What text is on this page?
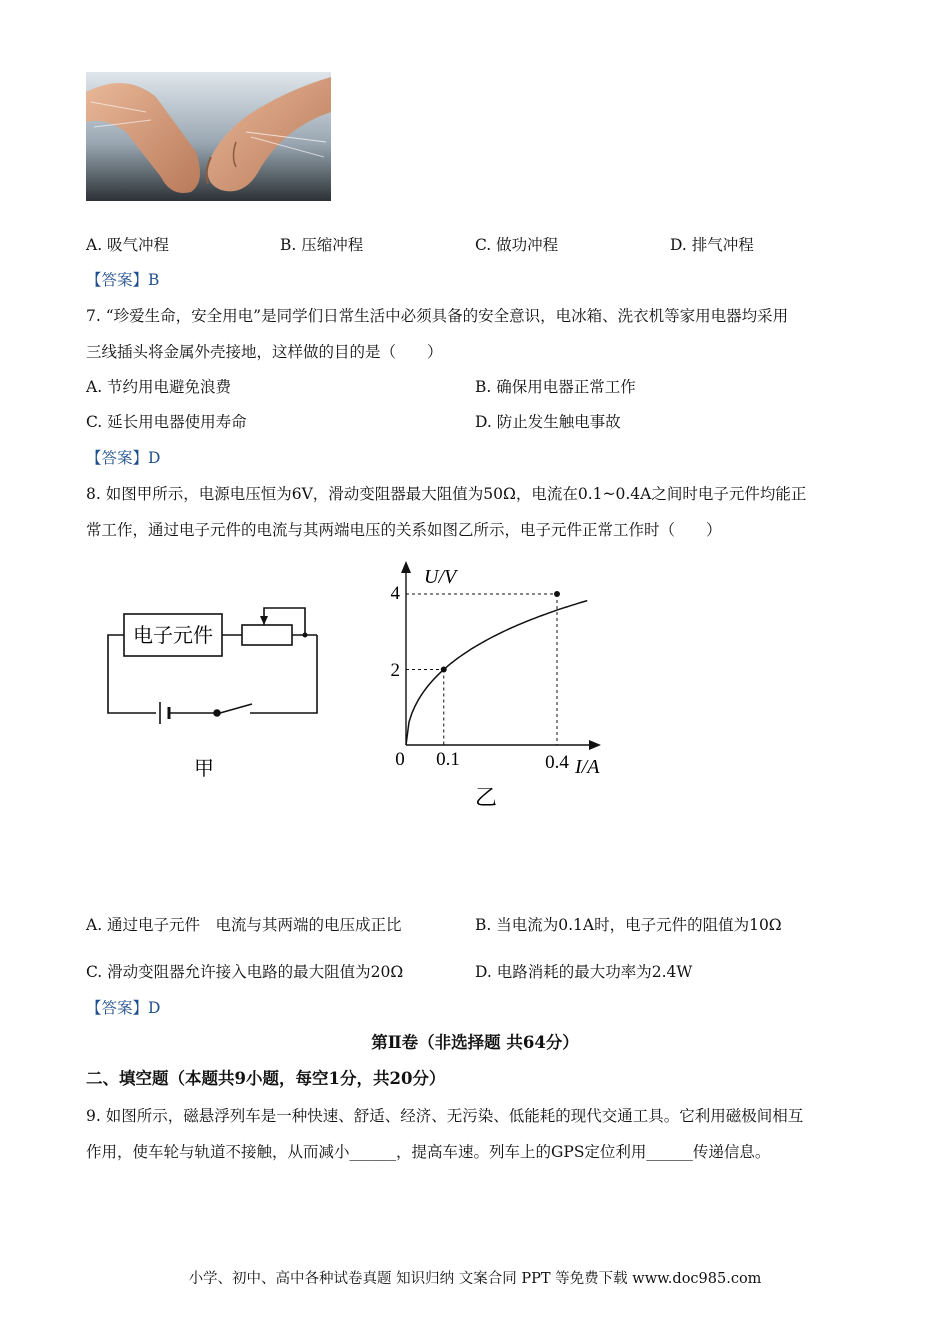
A. 吸气冲程	B. 压缩冲程	C. 做功冲程	D. 排气冲程
【答案】B
7. “珍爱生命，安全用电”是同学们日常生活中必须具备的安全意识，电冰箱、洗衣机等家用电器均采用
三线插头将金属外壳接地，这样做的目的是（　　）
A. 节约用电避免浪费	B. 确保用电器正常工作
C. 延长用电器使用寿命	D. 防止发生触电事故
【答案】D
8. 如图甲所示，电源电压恒为6V，滑动变阻器最大阻值为50Ω，电流在0.1~0.4A之间时电子元件均能正
常工作，通过电子元件的电流与其两端电压的关系如图乙所示，电子元件正常工作时（　　）
电子元件
甲
U/V
I/A
0
4
2
0.1	0.4
乙
A. 通过电子元件　电流与其两端的电压成正比	B. 当电流为0.1A时，电子元件的阻值为10Ω
C. 滑动变阻器允许接入电路的最大阻值为20Ω	D. 电路消耗的最大功率为2.4W
【答案】D
第Ⅱ卷（非选择题 共64分）
二、填空题（本题共9小题，每空1分，共20分）
9. 如图所示，磁悬浮列车是一种快速、舒适、经济、无污染、低能耗的现代交通工具。它利用磁极间相互
作用，使车轮与轨道不接触，从而减小______，提高车速。列车上的GPS定位利用______传递信息。
小学、初中、高中各种试卷真题 知识归纳 文案合同 PPT 等免费下载 www.doc985.com
